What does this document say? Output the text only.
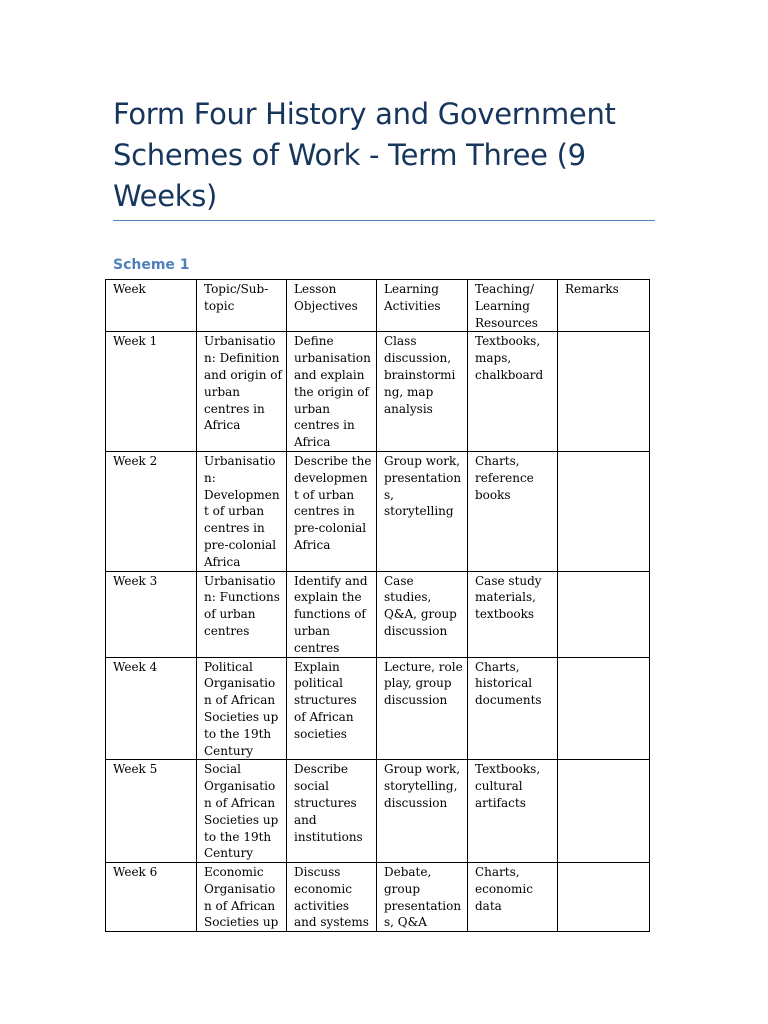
Form Four History and Government Schemes of Work - Term Three (9 Weeks)
Scheme 1
Week	Topic/Sub-topic	Lesson Objectives	Learning Activities	Teaching/ Learning Resources	Remarks
Week 1	Urbanisation: Definition and origin of urban centres in Africa	Define urbanisation and explain the origin of urban centres in Africa	Class discussion, brainstorming, map analysis	Textbooks, maps, chalkboard	
Week 2	Urbanisation: Development of urban centres in pre-colonial Africa	Describe the development of urban centres in pre-colonial Africa	Group work, presentations, storytelling	Charts, reference books	
Week 3	Urbanisation: Functions of urban centres	Identify and explain the functions of urban centres	Case studies, Q&A, group discussion	Case study materials, textbooks	
Week 4	Political Organisation of African Societies up to the 19th Century	Explain political structures of African societies	Lecture, role play, group discussion	Charts, historical documents	
Week 5	Social Organisation of African Societies up to the 19th Century	Describe social structures and institutions	Group work, storytelling, discussion	Textbooks, cultural artifacts	
Week 6	Economic Organisation of African Societies up	Discuss economic activities and systems	Debate, group presentations, Q&A	Charts, economic data	
